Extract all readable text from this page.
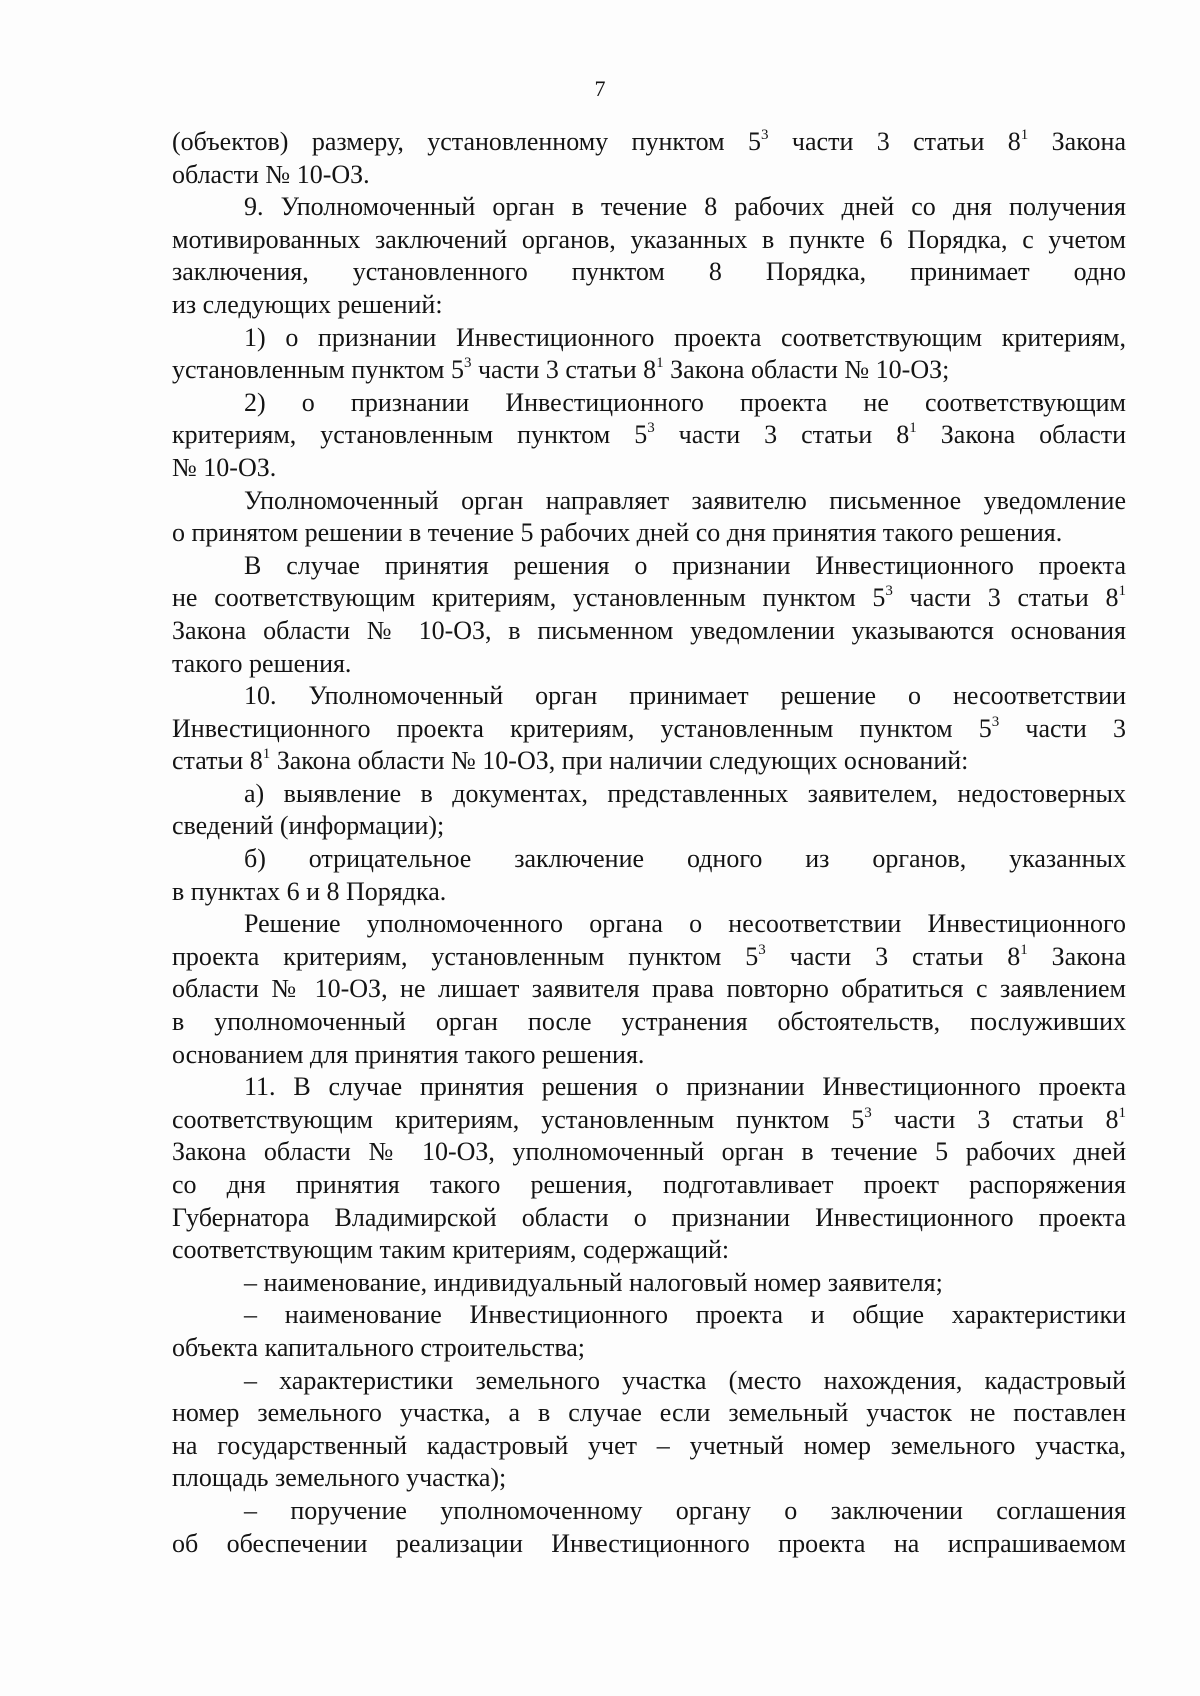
7

(объектов) размеру, установленному пунктом $5^3$ части 3 статьи $8^1$ Закона
области № 10-ОЗ.
9. Уполномоченный орган в течение 8 рабочих дней со дня получения
мотивированных заключений органов, указанных в пункте 6 Порядка, с учетом
заключения, установленного пунктом 8 Порядка, принимает одно
из следующих решений:
1) о признании Инвестиционного проекта соответствующим критериям,
установленным пунктом $5^3$ части 3 статьи $8^1$ Закона области № 10-ОЗ;
2) о признании Инвестиционного проекта не соответствующим
критериям, установленным пунктом $5^3$ части 3 статьи $8^1$ Закона области
№ 10-ОЗ.
Уполномоченный орган направляет заявителю письменное уведомление
о принятом решении в течение 5 рабочих дней со дня принятия такого решения.
В случае принятия решения о признании Инвестиционного проекта
не соответствующим критериям, установленным пунктом $5^3$ части 3 статьи $8^1$
Закона области № 10-ОЗ, в письменном уведомлении указываются основания
такого решения.
10. Уполномоченный орган принимает решение о несоответствии
Инвестиционного проекта критериям, установленным пунктом $5^3$ части 3
статьи $8^1$ Закона области № 10-ОЗ, при наличии следующих оснований:
а) выявление в документах, представленных заявителем, недостоверных
сведений (информации);
б) отрицательное заключение одного из органов, указанных
в пунктах 6 и 8 Порядка.
Решение уполномоченного органа о несоответствии Инвестиционного
проекта критериям, установленным пунктом $5^3$ части 3 статьи $8^1$ Закона
области № 10-ОЗ, не лишает заявителя права повторно обратиться с заявлением
в уполномоченный орган после устранения обстоятельств, послуживших
основанием для принятия такого решения.
11. В случае принятия решения о признании Инвестиционного проекта
соответствующим критериям, установленным пунктом $5^3$ части 3 статьи $8^1$
Закона области № 10-ОЗ, уполномоченный орган в течение 5 рабочих дней
со дня принятия такого решения, подготавливает проект распоряжения
Губернатора Владимирской области о признании Инвестиционного проекта
соответствующим таким критериям, содержащий:
– наименование, индивидуальный налоговый номер заявителя;
– наименование Инвестиционного проекта и общие характеристики
объекта капитального строительства;
– характеристики земельного участка (место нахождения, кадастровый
номер земельного участка, а в случае если земельный участок не поставлен
на государственный кадастровый учет – учетный номер земельного участка,
площадь земельного участка);
– поручение уполномоченному органу о заключении соглашения
об обеспечении реализации Инвестиционного проекта на испрашиваемом
